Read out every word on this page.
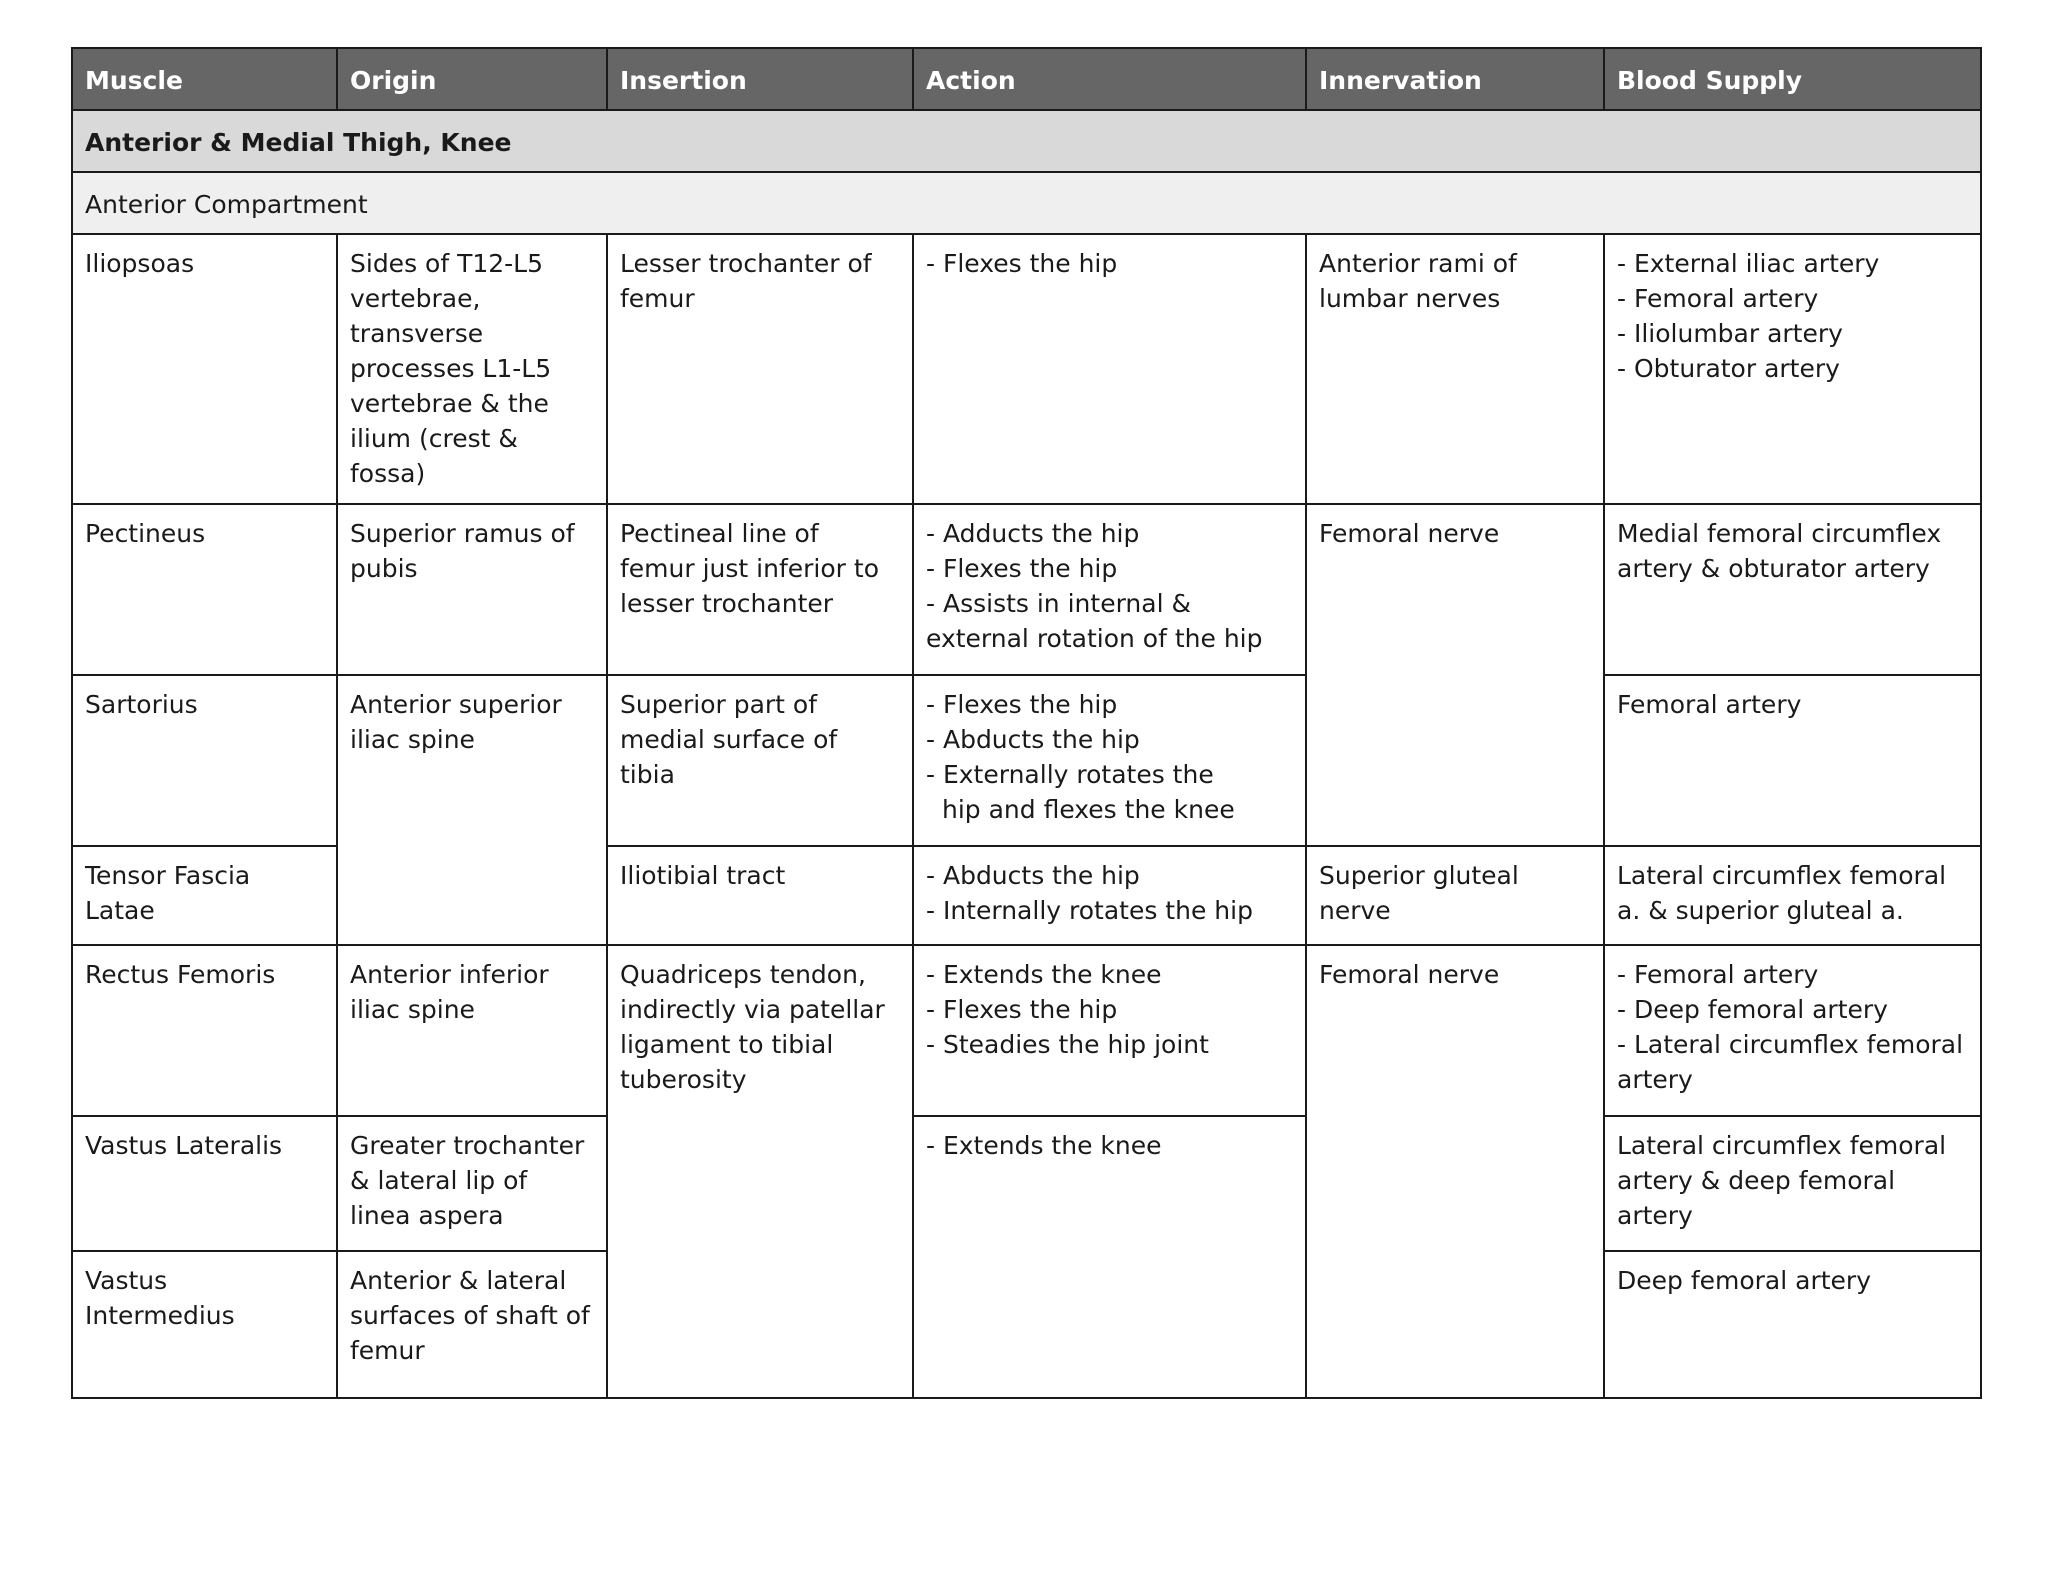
Muscle	Origin	Insertion	Action	Innervation	Blood Supply
Anterior & Medial Thigh, Knee					
Anterior Compartment					
Iliopsoas	Sides of T12-L5 vertebrae, transverse processes L1-L5 vertebrae & the ilium (crest & fossa)	Lesser trochanter of femur	- Flexes the hip	Anterior rami of lumbar nerves	- External iliac artery
- Femoral artery
- Iliolumbar artery
- Obturator artery

Pectineus	Superior ramus of pubis	Pectineal line of femur just inferior to lesser trochanter	- Adducts the hip
- Flexes the hip
- Assists in internal & external rotation of the hip	Femoral nerve	Medial femoral circumflex artery & obturator artery

Sartorius	Anterior superior iliac spine	Superior part of medial surface of tibia	- Flexes the hip
- Abducts the hip
- Externally rotates the
hip and flexes the knee		Femoral artery

Tensor Fascia Latae		Iliotibial tract	- Abducts the hip
- Internally rotates the hip	Superior gluteal nerve	Lateral circumflex femoral a. & superior gluteal a.

Rectus Femoris	Anterior inferior iliac spine	Quadriceps tendon, indirectly via patellar ligament to tibial tuberosity	- Extends the knee
- Flexes the hip
- Steadies the hip joint	Femoral nerve	- Femoral artery
- Deep femoral artery
- Lateral circumflex femoral artery

Vastus Lateralis	Greater trochanter & lateral lip of linea aspera		- Extends the knee		Lateral circumflex femoral artery & deep femoral artery

Vastus Intermedius	Anterior & lateral surfaces of shaft of femur				Deep femoral artery
